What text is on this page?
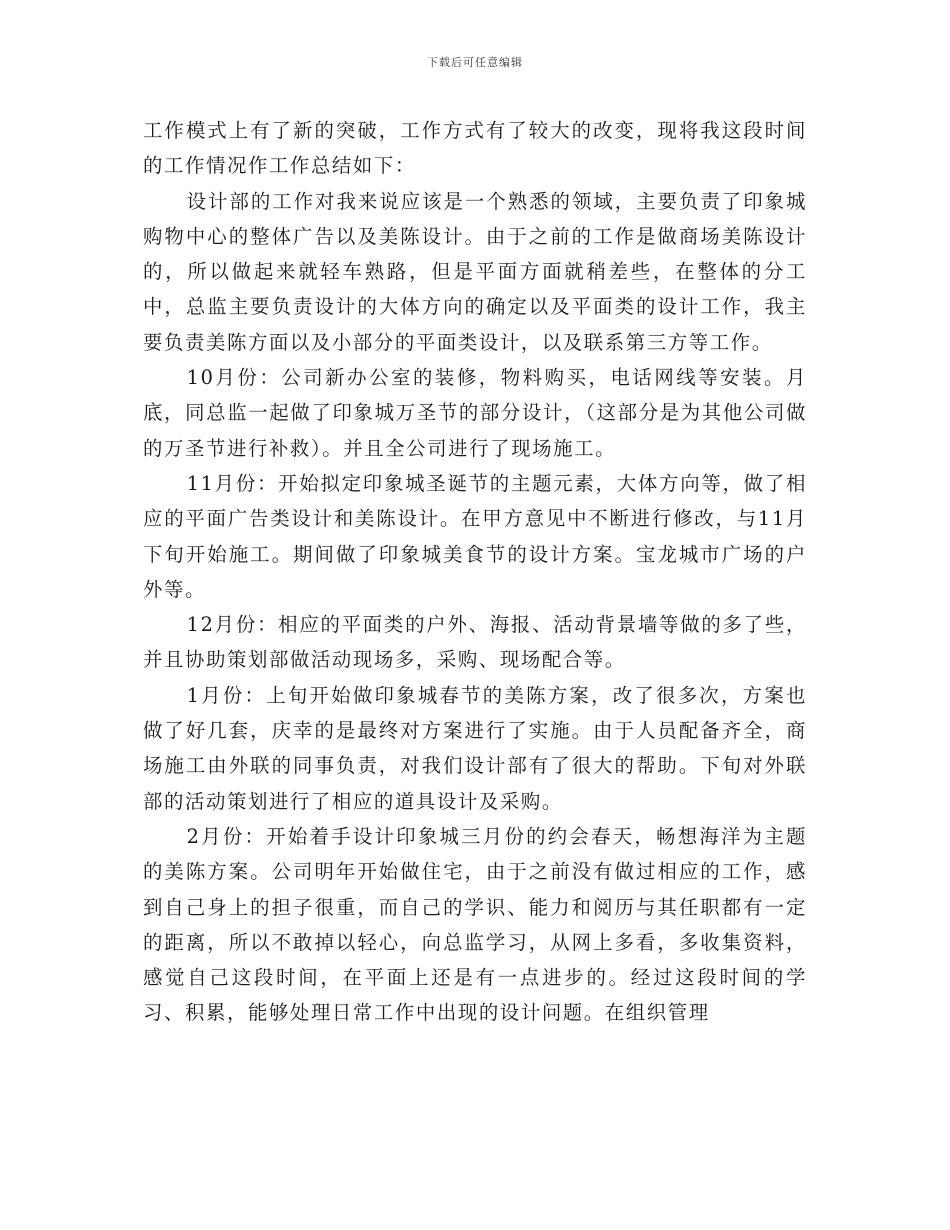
下载后可任意编辑

工作模式上有了新的突破，工作方式有了较大的改变，现将我这段时间的工作情况作工作总结如下：

设计部的工作对我来说应该是一个熟悉的领域，主要负责了印象城购物中心的整体广告以及美陈设计。由于之前的工作是做商场美陈设计的，所以做起来就轻车熟路，但是平面方面就稍差些，在整体的分工中，总监主要负责设计的大体方向的确定以及平面类的设计工作，我主要负责美陈方面以及小部分的平面类设计，以及联系第三方等工作。

10月份：公司新办公室的装修，物料购买，电话网线等安装。月底，同总监一起做了印象城万圣节的部分设计，（这部分是为其他公司做的万圣节进行补救）。并且全公司进行了现场施工。

11月份：开始拟定印象城圣诞节的主题元素，大体方向等，做了相应的平面广告类设计和美陈设计。在甲方意见中不断进行修改，与11月下旬开始施工。期间做了印象城美食节的设计方案。宝龙城市广场的户外等。

12月份：相应的平面类的户外、海报、活动背景墙等做的多了些，并且协助策划部做活动现场多，采购、现场配合等。

1月份：上旬开始做印象城春节的美陈方案，改了很多次，方案也做了好几套，庆幸的是最终对方案进行了实施。由于人员配备齐全，商场施工由外联的同事负责，对我们设计部有了很大的帮助。下旬对外联部的活动策划进行了相应的道具设计及采购。

2月份：开始着手设计印象城三月份的约会春天，畅想海洋为主题的美陈方案。公司明年开始做住宅，由于之前没有做过相应的工作，感到自己身上的担子很重，而自己的学识、能力和阅历与其任职都有一定的距离，所以不敢掉以轻心，向总监学习，从网上多看，多收集资料，感觉自己这段时间，在平面上还是有一点进步的。经过这段时间的学习、积累，能够处理日常工作中出现的设计问题。在组织管理
